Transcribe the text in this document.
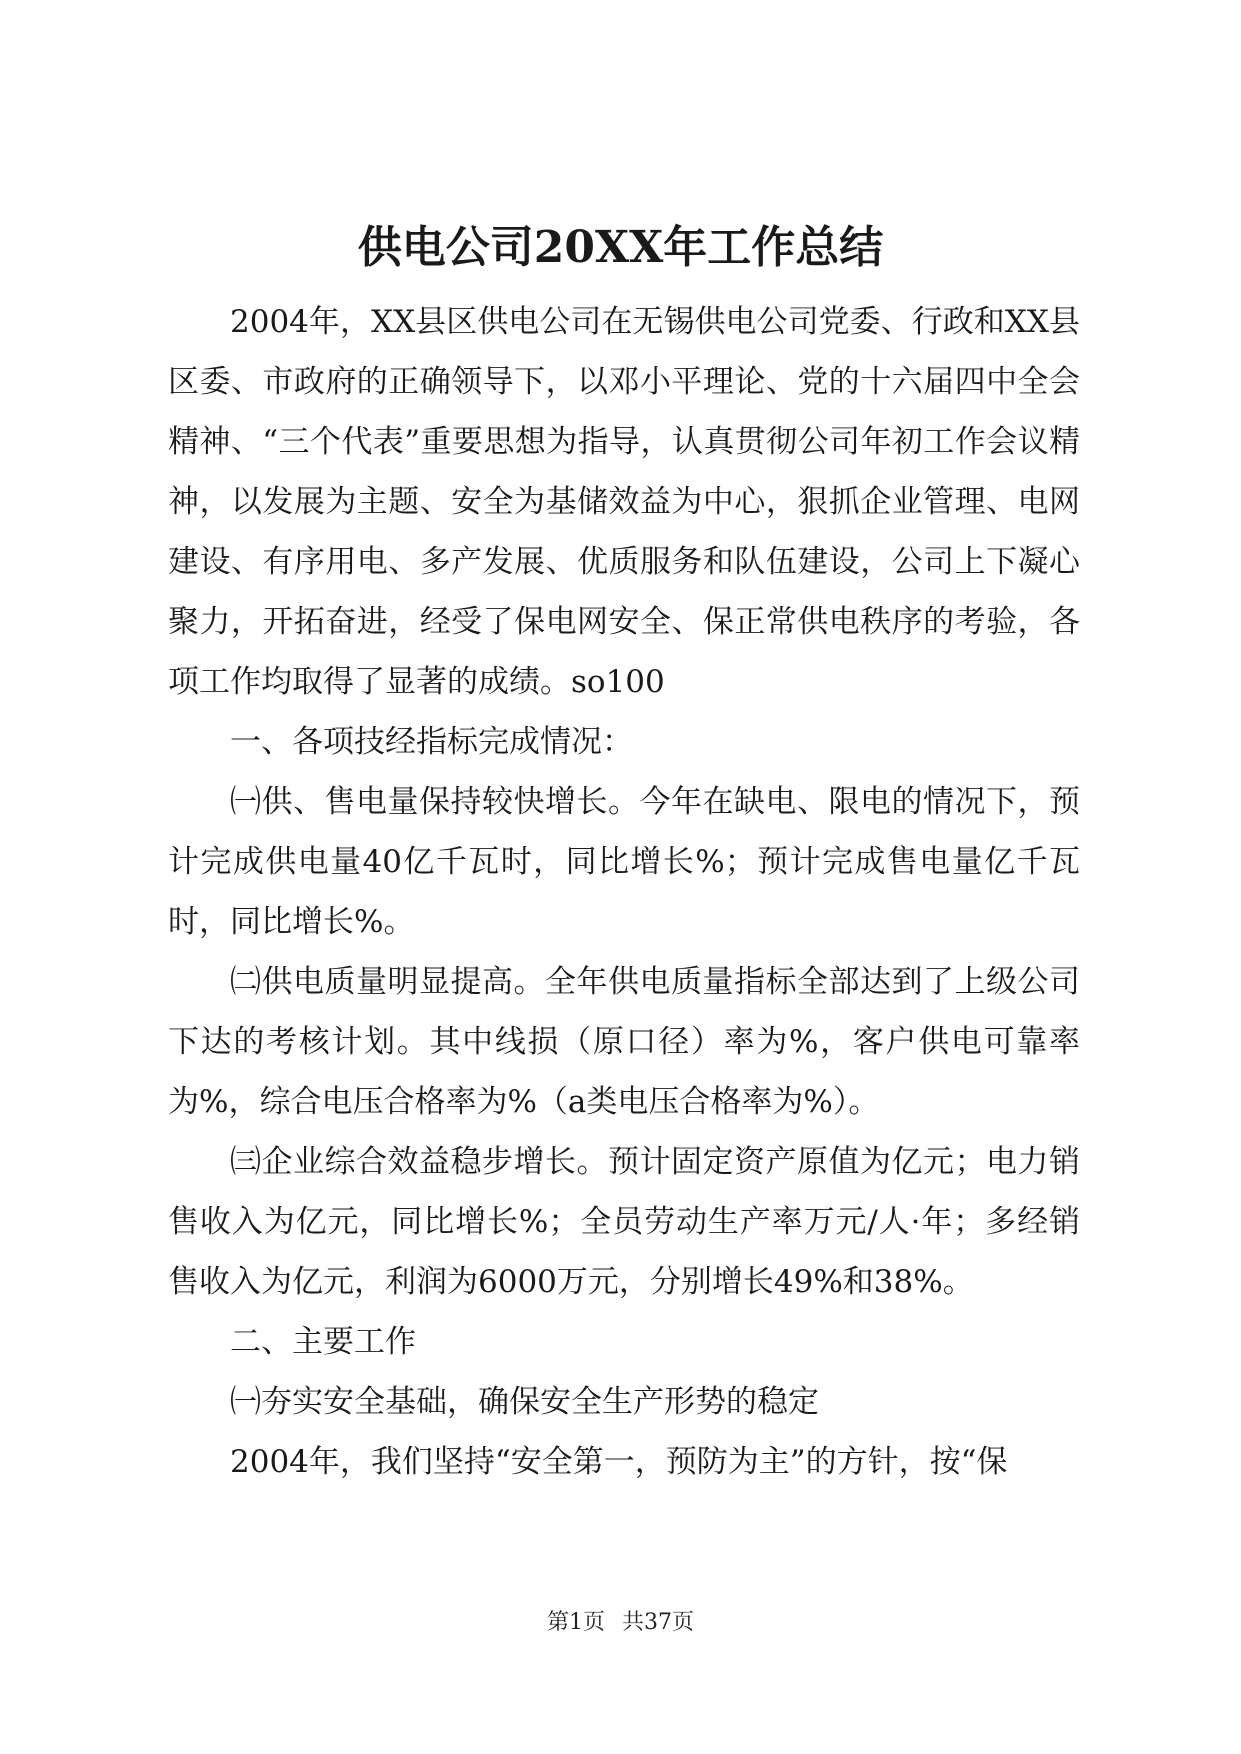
供电公司20XX年工作总结

2004年，XX县区供电公司在无锡供电公司党委、行政和XX县区委、市政府的正确领导下，以邓小平理论、党的十六届四中全会精神、“三个代表”重要思想为指导，认真贯彻公司年初工作会议精神，以发展为主题、安全为基储效益为中心，狠抓企业管理、电网建设、有序用电、多产发展、优质服务和队伍建设，公司上下凝心聚力，开拓奋进，经受了保电网安全、保正常供电秩序的考验，各项工作均取得了显著的成绩。so100

一、各项技经指标完成情况：

㈠供、售电量保持较快增长。今年在缺电、限电的情况下，预计完成供电量40亿千瓦时，同比增长%；预计完成售电量亿千瓦时，同比增长%。

㈡供电质量明显提高。全年供电质量指标全部达到了上级公司下达的考核计划。其中线损（原口径）率为%，客户供电可靠率为%，综合电压合格率为%（a类电压合格率为%）。

㈢企业综合效益稳步增长。预计固定资产原值为亿元；电力销售收入为亿元，同比增长%；全员劳动生产率万元/人·年；多经销售收入为亿元，利润为6000万元，分别增长49%和38%。

二、主要工作

㈠夯实安全基础，确保安全生产形势的稳定

2004年，我们坚持“安全第一，预防为主”的方针，按“保

第1页 共37页
